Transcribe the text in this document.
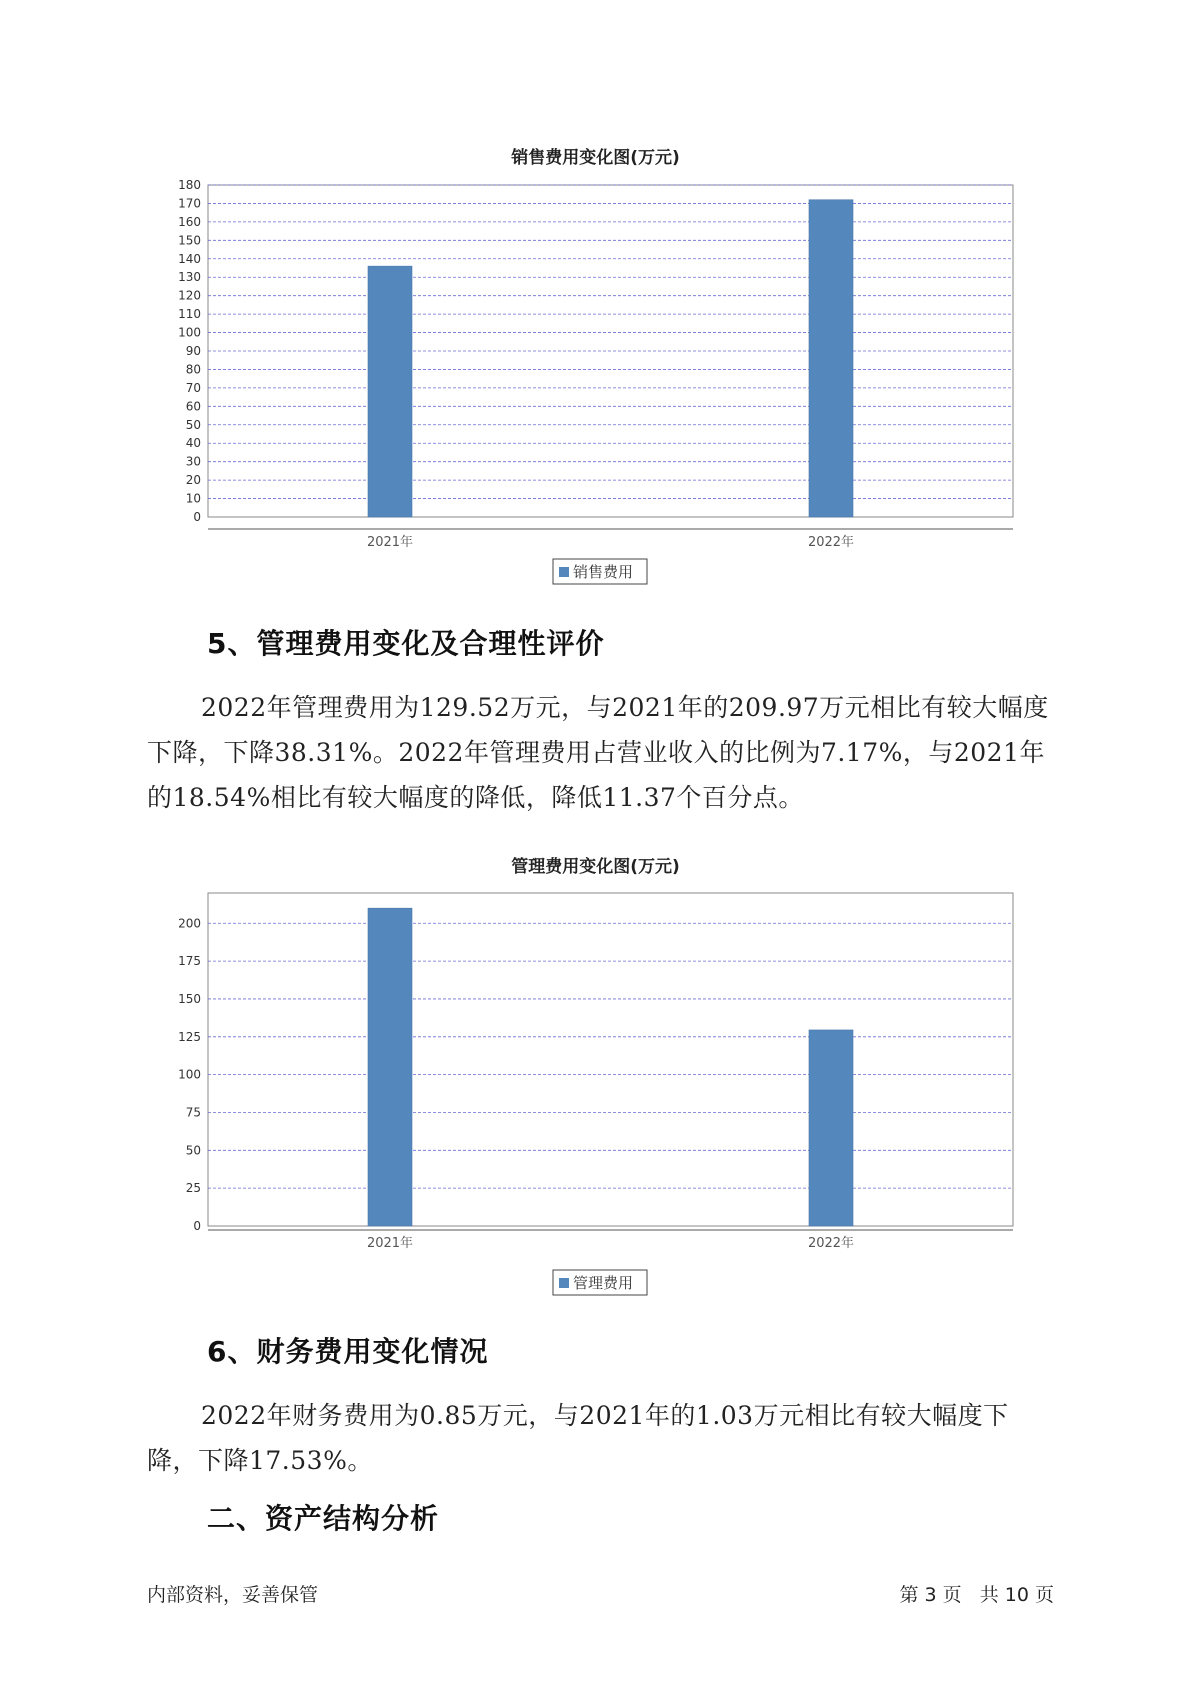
销售费用变化图(万元)
0
10
20
30
40
50
60
70
80
90
100
110
120
130
140
150
160
170
180
2021年	2022年
销售费用
5、管理费用变化及合理性评价

2022年管理费用为129.52万元，与2021年的209.97万元相比有较大幅度下降，下降38.31%。2022年管理费用占营业收入的比例为7.17%，与2021年的18.54%相比有较大幅度的降低，降低11.37个百分点。

管理费用变化图(万元)
0
25
50
75
100
125
150
175
200
2021年	2022年
管理费用
6、财务费用变化情况

2022年财务费用为0.85万元，与2021年的1.03万元相比有较大幅度下降，下降17.53%。

二、资产结构分析
内部资料，妥善保管	第 3 页   共 10 页
